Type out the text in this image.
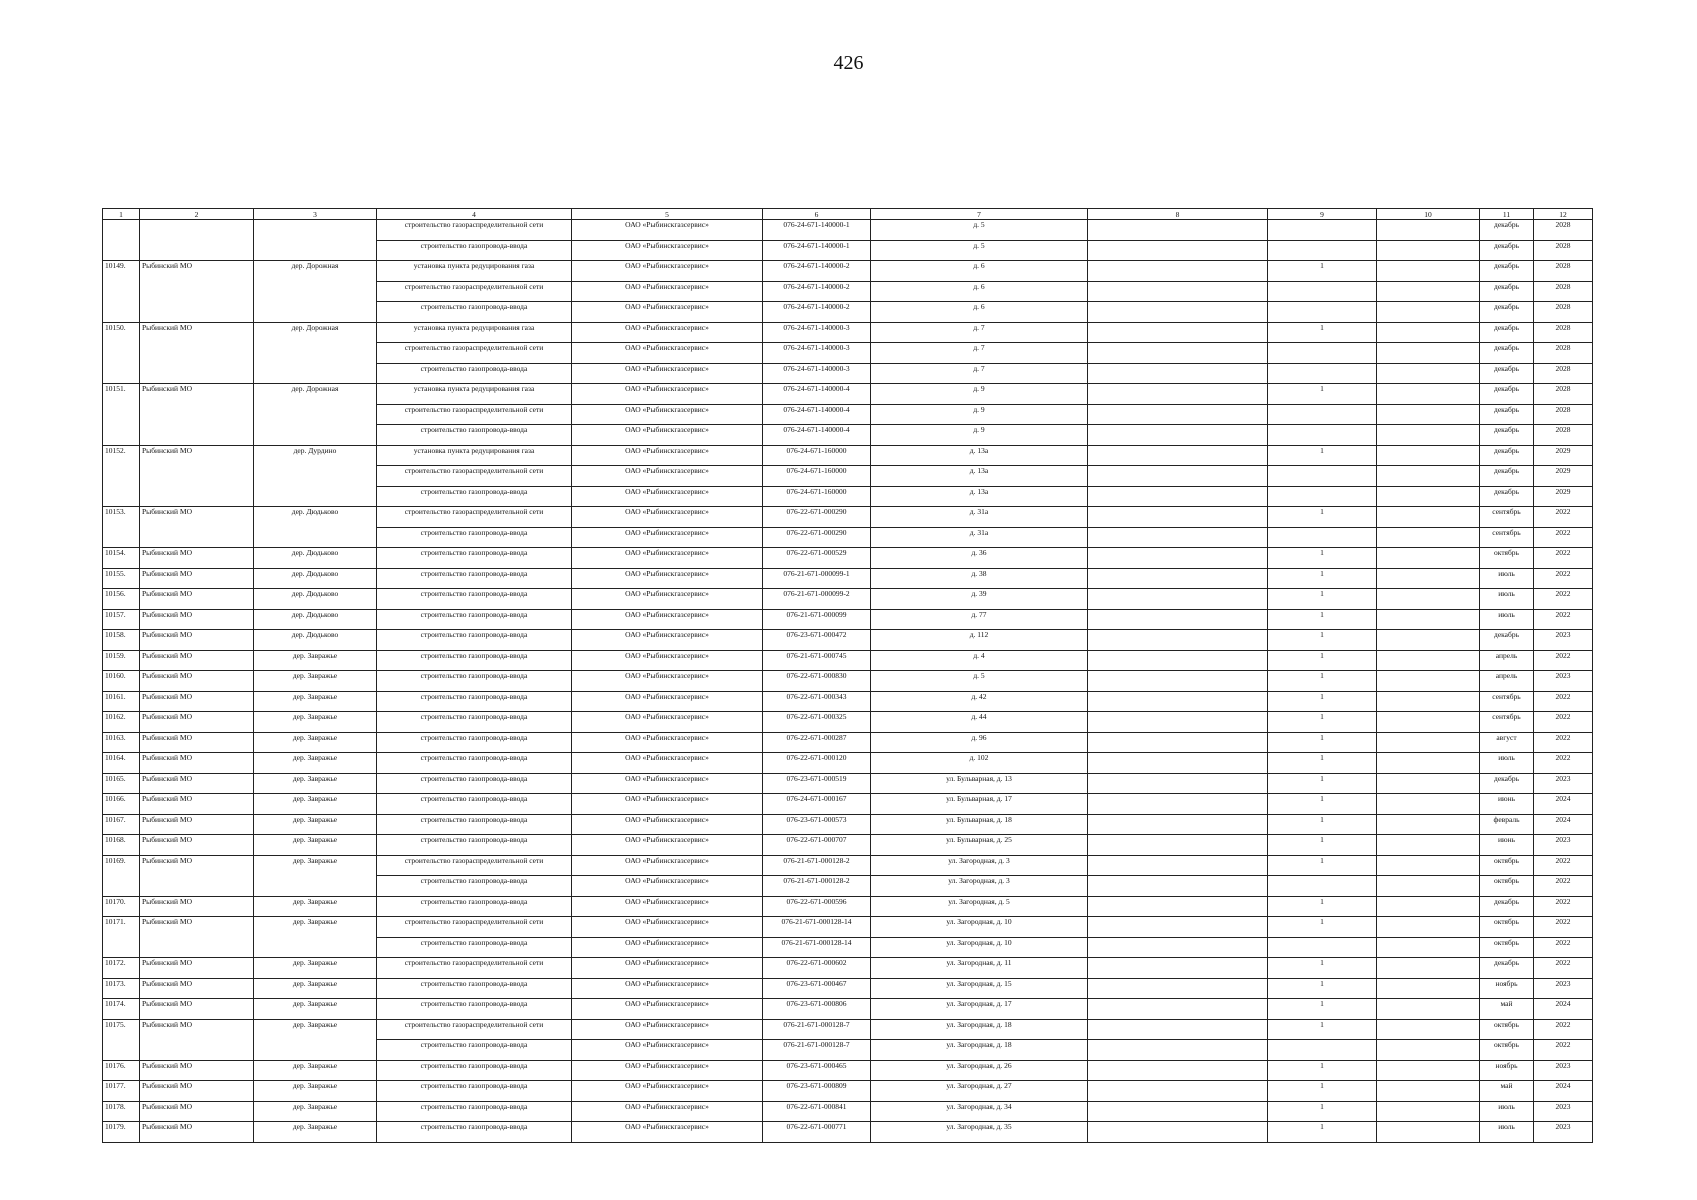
426
1	2	3	4	5	6	7	8	9	10	11	12
			строительство газораспределительной сети	ОАО «Рыбинскгазсервис»	076-24-671-140000-1	д. 5				декабрь	2028
			строительство газопровода-ввода	ОАО «Рыбинскгазсервис»	076-24-671-140000-1	д. 5				декабрь	2028
10149.	Рыбинский МО	дер. Дорожная	установка пункта редуцирования газа	ОАО «Рыбинскгазсервис»	076-24-671-140000-2	д. 6		1		декабрь	2028
			строительство газораспределительной сети	ОАО «Рыбинскгазсервис»	076-24-671-140000-2	д. 6				декабрь	2028
			строительство газопровода-ввода	ОАО «Рыбинскгазсервис»	076-24-671-140000-2	д. 6				декабрь	2028
10150.	Рыбинский МО	дер. Дорожная	установка пункта редуцирования газа	ОАО «Рыбинскгазсервис»	076-24-671-140000-3	д. 7		1		декабрь	2028
			строительство газораспределительной сети	ОАО «Рыбинскгазсервис»	076-24-671-140000-3	д. 7				декабрь	2028
			строительство газопровода-ввода	ОАО «Рыбинскгазсервис»	076-24-671-140000-3	д. 7				декабрь	2028
10151.	Рыбинский МО	дер. Дорожная	установка пункта редуцирования газа	ОАО «Рыбинскгазсервис»	076-24-671-140000-4	д. 9		1		декабрь	2028
			строительство газораспределительной сети	ОАО «Рыбинскгазсервис»	076-24-671-140000-4	д. 9				декабрь	2028
			строительство газопровода-ввода	ОАО «Рыбинскгазсервис»	076-24-671-140000-4	д. 9				декабрь	2028
10152.	Рыбинский МО	дер. Дурдино	установка пункта редуцирования газа	ОАО «Рыбинскгазсервис»	076-24-671-160000	д. 13а		1		декабрь	2029
			строительство газораспределительной сети	ОАО «Рыбинскгазсервис»	076-24-671-160000	д. 13а				декабрь	2029
			строительство газопровода-ввода	ОАО «Рыбинскгазсервис»	076-24-671-160000	д. 13а				декабрь	2029
10153.	Рыбинский МО	дер. Дюдьково	строительство газораспределительной сети	ОАО «Рыбинскгазсервис»	076-22-671-000290	д. 31а		1		сентябрь	2022
			строительство газопровода-ввода	ОАО «Рыбинскгазсервис»	076-22-671-000290	д. 31а				сентябрь	2022
10154.	Рыбинский МО	дер. Дюдьково	строительство газопровода-ввода	ОАО «Рыбинскгазсервис»	076-22-671-000529	д. 36		1		октябрь	2022
10155.	Рыбинский МО	дер. Дюдьково	строительство газопровода-ввода	ОАО «Рыбинскгазсервис»	076-21-671-000099-1	д. 38		1		июль	2022
10156.	Рыбинский МО	дер. Дюдьково	строительство газопровода-ввода	ОАО «Рыбинскгазсервис»	076-21-671-000099-2	д. 39		1		июль	2022
10157.	Рыбинский МО	дер. Дюдьково	строительство газопровода-ввода	ОАО «Рыбинскгазсервис»	076-21-671-000099	д. 77		1		июль	2022
10158.	Рыбинский МО	дер. Дюдьково	строительство газопровода-ввода	ОАО «Рыбинскгазсервис»	076-23-671-000472	д. 112		1		декабрь	2023
10159.	Рыбинский МО	дер. Завражье	строительство газопровода-ввода	ОАО «Рыбинскгазсервис»	076-21-671-000745	д. 4		1		апрель	2022
10160.	Рыбинский МО	дер. Завражье	строительство газопровода-ввода	ОАО «Рыбинскгазсервис»	076-22-671-000830	д. 5		1		апрель	2023
10161.	Рыбинский МО	дер. Завражье	строительство газопровода-ввода	ОАО «Рыбинскгазсервис»	076-22-671-000343	д. 42		1		сентябрь	2022
10162.	Рыбинский МО	дер. Завражье	строительство газопровода-ввода	ОАО «Рыбинскгазсервис»	076-22-671-000325	д. 44		1		сентябрь	2022
10163.	Рыбинский МО	дер. Завражье	строительство газопровода-ввода	ОАО «Рыбинскгазсервис»	076-22-671-000287	д. 96		1		август	2022
10164.	Рыбинский МО	дер. Завражье	строительство газопровода-ввода	ОАО «Рыбинскгазсервис»	076-22-671-000120	д. 102		1		июль	2022
10165.	Рыбинский МО	дер. Завражье	строительство газопровода-ввода	ОАО «Рыбинскгазсервис»	076-23-671-000519	ул. Бульварная, д. 13		1		декабрь	2023
10166.	Рыбинский МО	дер. Завражье	строительство газопровода-ввода	ОАО «Рыбинскгазсервис»	076-24-671-000167	ул. Бульварная, д. 17		1		июнь	2024
10167.	Рыбинский МО	дер. Завражье	строительство газопровода-ввода	ОАО «Рыбинскгазсервис»	076-23-671-000573	ул. Бульварная, д. 18		1		февраль	2024
10168.	Рыбинский МО	дер. Завражье	строительство газопровода-ввода	ОАО «Рыбинскгазсервис»	076-22-671-000707	ул. Бульварная, д. 25		1		июнь	2023
10169.	Рыбинский МО	дер. Завражье	строительство газораспределительной сети	ОАО «Рыбинскгазсервис»	076-21-671-000128-2	ул. Загородная, д. 3		1		октябрь	2022
			строительство газопровода-ввода	ОАО «Рыбинскгазсервис»	076-21-671-000128-2	ул. Загородная, д. 3				октябрь	2022
10170.	Рыбинский МО	дер. Завражье	строительство газопровода-ввода	ОАО «Рыбинскгазсервис»	076-22-671-000596	ул. Загородная, д. 5		1		декабрь	2022
10171.	Рыбинский МО	дер. Завражье	строительство газораспределительной сети	ОАО «Рыбинскгазсервис»	076-21-671-000128-14	ул. Загородная, д. 10		1		октябрь	2022
			строительство газопровода-ввода	ОАО «Рыбинскгазсервис»	076-21-671-000128-14	ул. Загородная, д. 10				октябрь	2022
10172.	Рыбинский МО	дер. Завражье	строительство газораспределительной сети	ОАО «Рыбинскгазсервис»	076-22-671-000602	ул. Загородная, д. 11		1		декабрь	2022
10173.	Рыбинский МО	дер. Завражье	строительство газопровода-ввода	ОАО «Рыбинскгазсервис»	076-23-671-000467	ул. Загородная, д. 15		1		ноябрь	2023
10174.	Рыбинский МО	дер. Завражье	строительство газопровода-ввода	ОАО «Рыбинскгазсервис»	076-23-671-000806	ул. Загородная, д. 17		1		май	2024
10175.	Рыбинский МО	дер. Завражье	строительство газораспределительной сети	ОАО «Рыбинскгазсервис»	076-21-671-000128-7	ул. Загородная, д. 18		1		октябрь	2022
			строительство газопровода-ввода	ОАО «Рыбинскгазсервис»	076-21-671-000128-7	ул. Загородная, д. 18				октябрь	2022
10176.	Рыбинский МО	дер. Завражье	строительство газопровода-ввода	ОАО «Рыбинскгазсервис»	076-23-671-000465	ул. Загородная, д. 26		1		ноябрь	2023
10177.	Рыбинский МО	дер. Завражье	строительство газопровода-ввода	ОАО «Рыбинскгазсервис»	076-23-671-000809	ул. Загородная, д. 27		1		май	2024
10178.	Рыбинский МО	дер. Завражье	строительство газопровода-ввода	ОАО «Рыбинскгазсервис»	076-22-671-000841	ул. Загородная, д. 34		1		июль	2023
10179.	Рыбинский МО	дер. Завражье	строительство газопровода-ввода	ОАО «Рыбинскгазсервис»	076-22-671-000771	ул. Загородная, д. 35		1		июль	2023
